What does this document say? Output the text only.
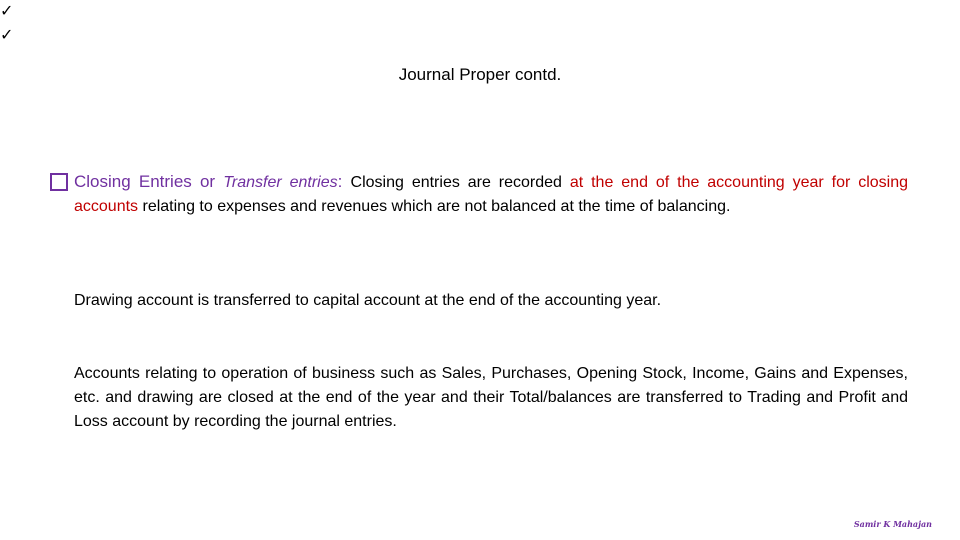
Journal Proper contd.
Closing Entries or Transfer entries: Closing entries are recorded at the end of the accounting year for closing accounts relating to expenses and revenues which are not balanced at the time of balancing.
✓
Drawing account is transferred to capital account at the end of the accounting year.
✓
Accounts relating to operation of business such as Sales, Purchases, Opening Stock, Income, Gains and Expenses, etc. and drawing are closed at the end of the year and their Total/balances are transferred to Trading and Profit and Loss account by recording the journal entries.
Samir K Mahajan
